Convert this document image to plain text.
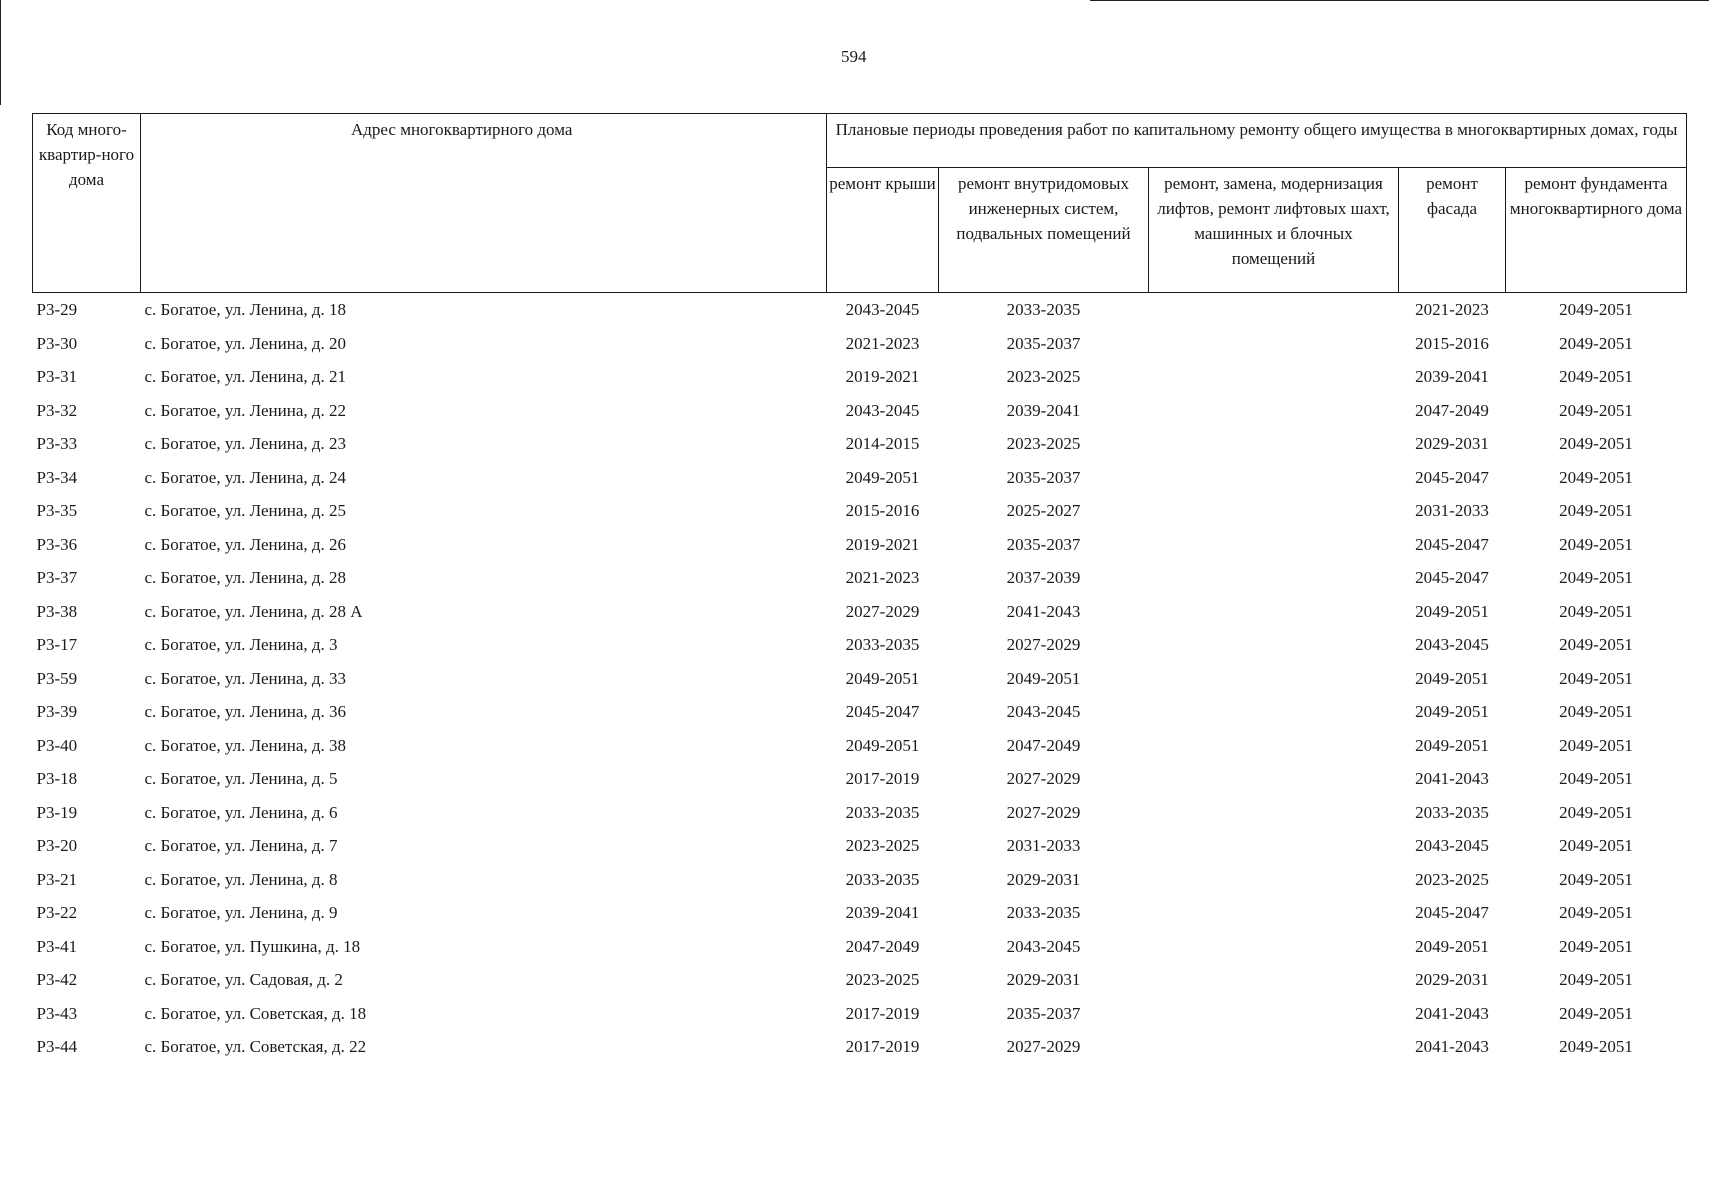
594
Код много-квартир-ного дома	Адрес многоквартирного дома	Плановые периоды проведения работ по капитальному ремонту общего имущества в многоквартирных домах, годы				
		ремонт крыши	ремонт внутридомовых инженерных систем, подвальных помещений	ремонт, замена, модернизация лифтов, ремонт лифтовых шахт, машинных и блочных помещений	ремонт фасада	ремонт фундамента многоквартирного дома
Р3-29	с. Богатое, ул. Ленина, д. 18	2043-2045	2033-2035		2021-2023	2049-2051
Р3-30	с. Богатое, ул. Ленина, д. 20	2021-2023	2035-2037		2015-2016	2049-2051
Р3-31	с. Богатое, ул. Ленина, д. 21	2019-2021	2023-2025		2039-2041	2049-2051
Р3-32	с. Богатое, ул. Ленина, д. 22	2043-2045	2039-2041		2047-2049	2049-2051
Р3-33	с. Богатое, ул. Ленина, д. 23	2014-2015	2023-2025		2029-2031	2049-2051
Р3-34	с. Богатое, ул. Ленина, д. 24	2049-2051	2035-2037		2045-2047	2049-2051
Р3-35	с. Богатое, ул. Ленина, д. 25	2015-2016	2025-2027		2031-2033	2049-2051
Р3-36	с. Богатое, ул. Ленина, д. 26	2019-2021	2035-2037		2045-2047	2049-2051
Р3-37	с. Богатое, ул. Ленина, д. 28	2021-2023	2037-2039		2045-2047	2049-2051
Р3-38	с. Богатое, ул. Ленина, д. 28 А	2027-2029	2041-2043		2049-2051	2049-2051
Р3-17	с. Богатое, ул. Ленина, д. 3	2033-2035	2027-2029		2043-2045	2049-2051
Р3-59	с. Богатое, ул. Ленина, д. 33	2049-2051	2049-2051		2049-2051	2049-2051
Р3-39	с. Богатое, ул. Ленина, д. 36	2045-2047	2043-2045		2049-2051	2049-2051
Р3-40	с. Богатое, ул. Ленина, д. 38	2049-2051	2047-2049		2049-2051	2049-2051
Р3-18	с. Богатое, ул. Ленина, д. 5	2017-2019	2027-2029		2041-2043	2049-2051
Р3-19	с. Богатое, ул. Ленина, д. 6	2033-2035	2027-2029		2033-2035	2049-2051
Р3-20	с. Богатое, ул. Ленина, д. 7	2023-2025	2031-2033		2043-2045	2049-2051
Р3-21	с. Богатое, ул. Ленина, д. 8	2033-2035	2029-2031		2023-2025	2049-2051
Р3-22	с. Богатое, ул. Ленина, д. 9	2039-2041	2033-2035		2045-2047	2049-2051
Р3-41	с. Богатое, ул. Пушкина, д. 18	2047-2049	2043-2045		2049-2051	2049-2051
Р3-42	с. Богатое, ул. Садовая, д. 2	2023-2025	2029-2031		2029-2031	2049-2051
Р3-43	с. Богатое, ул. Советская, д. 18	2017-2019	2035-2037		2041-2043	2049-2051
Р3-44	с. Богатое, ул. Советская, д. 22	2017-2019	2027-2029		2041-2043	2049-2051
